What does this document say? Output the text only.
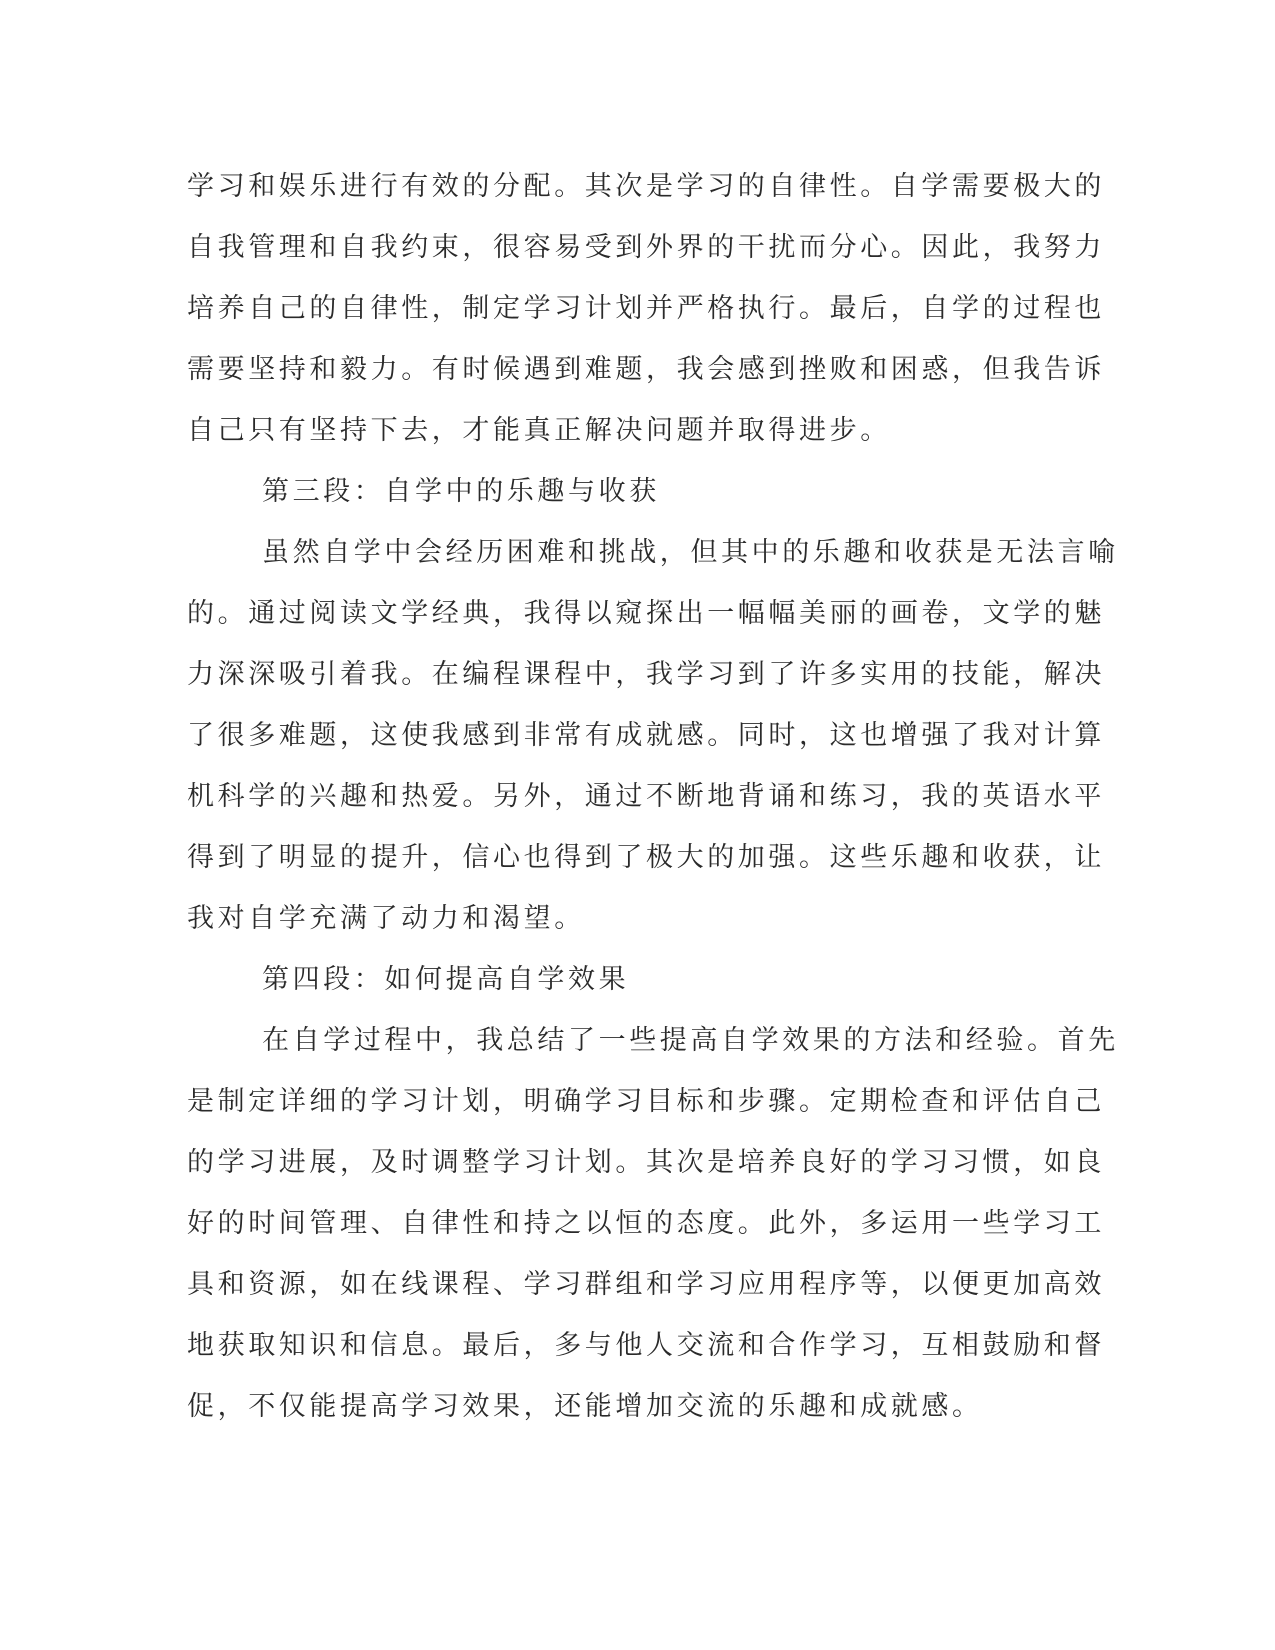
学习和娱乐进行有效的分配。其次是学习的自律性。自学需要极大的
自我管理和自我约束，很容易受到外界的干扰而分心。因此，我努力
培养自己的自律性，制定学习计划并严格执行。最后，自学的过程也
需要坚持和毅力。有时候遇到难题，我会感到挫败和困惑，但我告诉
自己只有坚持下去，才能真正解决问题并取得进步。
第三段：自学中的乐趣与收获
虽然自学中会经历困难和挑战，但其中的乐趣和收获是无法言喻
的。通过阅读文学经典，我得以窥探出一幅幅美丽的画卷，文学的魅
力深深吸引着我。在编程课程中，我学习到了许多实用的技能，解决
了很多难题，这使我感到非常有成就感。同时，这也增强了我对计算
机科学的兴趣和热爱。另外，通过不断地背诵和练习，我的英语水平
得到了明显的提升，信心也得到了极大的加强。这些乐趣和收获，让
我对自学充满了动力和渴望。
第四段：如何提高自学效果
在自学过程中，我总结了一些提高自学效果的方法和经验。首先
是制定详细的学习计划，明确学习目标和步骤。定期检查和评估自己
的学习进展，及时调整学习计划。其次是培养良好的学习习惯，如良
好的时间管理、自律性和持之以恒的态度。此外，多运用一些学习工
具和资源，如在线课程、学习群组和学习应用程序等，以便更加高效
地获取知识和信息。最后，多与他人交流和合作学习，互相鼓励和督
促，不仅能提高学习效果，还能增加交流的乐趣和成就感。
